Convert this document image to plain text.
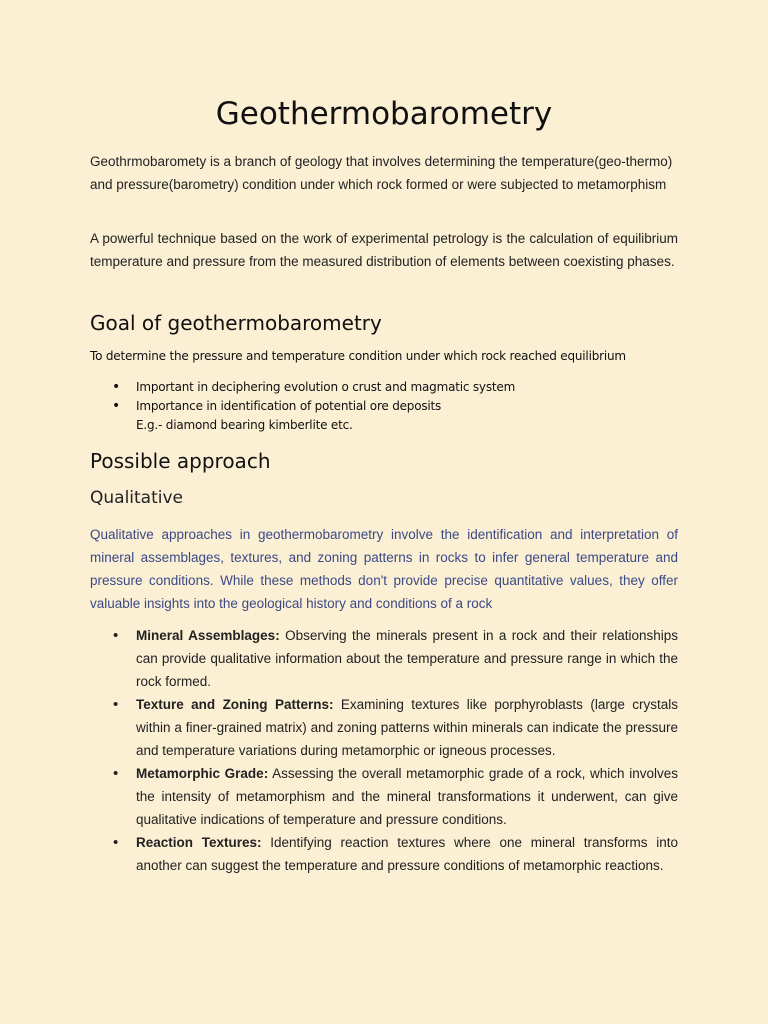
Geothermobarometry
Geothrmobaromety is a branch of geology that involves determining the temperature(geo-thermo) and pressure(barometry) condition under which rock formed or were subjected to metamorphism
A powerful technique based on the work of experimental petrology is the calculation of equilibrium temperature and pressure from the measured distribution of elements between coexisting phases.
Goal of geothermobarometry
To determine the pressure and temperature condition under which rock reached equilibrium
• Important in deciphering evolution o crust and magmatic system
• Importance in identification of potential ore deposits
E.g.- diamond bearing kimberlite etc.
Possible approach
Qualitative
Qualitative approaches in geothermobarometry involve the identification and interpretation of mineral assemblages, textures, and zoning patterns in rocks to infer general temperature and pressure conditions. While these methods don't provide precise quantitative values, they offer valuable insights into the geological history and conditions of a rock
• Mineral Assemblages: Observing the minerals present in a rock and their relationships can provide qualitative information about the temperature and pressure range in which the rock formed.
• Texture and Zoning Patterns: Examining textures like porphyroblasts (large crystals within a finer-grained matrix) and zoning patterns within minerals can indicate the pressure and temperature variations during metamorphic or igneous processes.
• Metamorphic Grade: Assessing the overall metamorphic grade of a rock, which involves the intensity of metamorphism and the mineral transformations it underwent, can give qualitative indications of temperature and pressure conditions.
• Reaction Textures: Identifying reaction textures where one mineral transforms into another can suggest the temperature and pressure conditions of metamorphic reactions.
